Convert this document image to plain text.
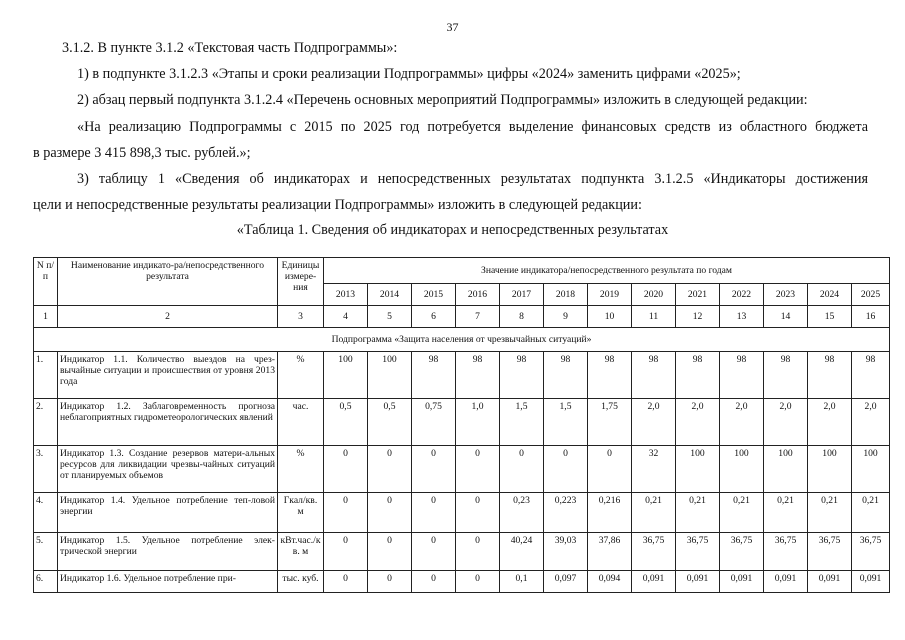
37
3.1.2. В пункте 3.1.2 «Текстовая часть Подпрограммы»:
1) в подпункте 3.1.2.3 «Этапы и сроки реализации Подпрограммы» цифры «2024» заменить цифрами «2025»;
2) абзац первый подпункта 3.1.2.4 «Перечень основных мероприятий Подпрограммы» изложить в следующей редакции:
«На реализацию Подпрограммы с 2015 по 2025 год потребуется выделение финансовых средств из областного бюджета
в размере 3 415 898,3 тыс. рублей.»;
3) таблицу 1 «Сведения об индикаторах и непосредственных результатах подпункта 3.1.2.5 «Индикаторы достижения
цели и непосредственные результаты реализации Подпрограммы» изложить в следующей редакции:
«Таблица 1. Сведения об индикаторах и непосредственных результатах
N п/п	Наименование индикато-ра/непосредственного результата	Единицы измере-ния	Значение индикатора/непосредственного результата по годам												
			2013	2014	2015	2016	2017	2018	2019	2020	2021	2022	2023	2024	2025
1	2	3	4	5	6	7	8	9	10	11	12	13	14	15	16
Подпрограмма «Защита населения от чрезвычайных ситуаций»															
1.	Индикатор 1.1. Количество выездов на чрез-вычайные ситуации и происшествия от уровня 2013 года	%	100	100	98	98	98	98	98	98	98	98	98	98	98
2.	Индикатор 1.2. Заблаговременность прогноза неблагоприятных гидрометеорологических явлений	час.	0,5	0,5	0,75	1,0	1,5	1,5	1,75	2,0	2,0	2,0	2,0	2,0	2,0
3.	Индикатор 1.3. Создание резервов матери-альных ресурсов для ликвидации чрезвы-чайных ситуаций от планируемых объемов	%	0	0	0	0	0	0	0	32	100	100	100	100	100
4.	Индикатор 1.4. Удельное потребление теп-ловой энергии	Гкал/кв. м	0	0	0	0	0,23	0,223	0,216	0,21	0,21	0,21	0,21	0,21	0,21
5.	Индикатор 1.5. Удельное потребление элек-трической энергии	кВт.час./к в. м	0	0	0	0	40,24	39,03	37,86	36,75	36,75	36,75	36,75	36,75	36,75
6.	Индикатор 1.6. Удельное потребление при-	тыс. куб.	0	0	0	0	0,1	0,097	0,094	0,091	0,091	0,091	0,091	0,091	0,091
